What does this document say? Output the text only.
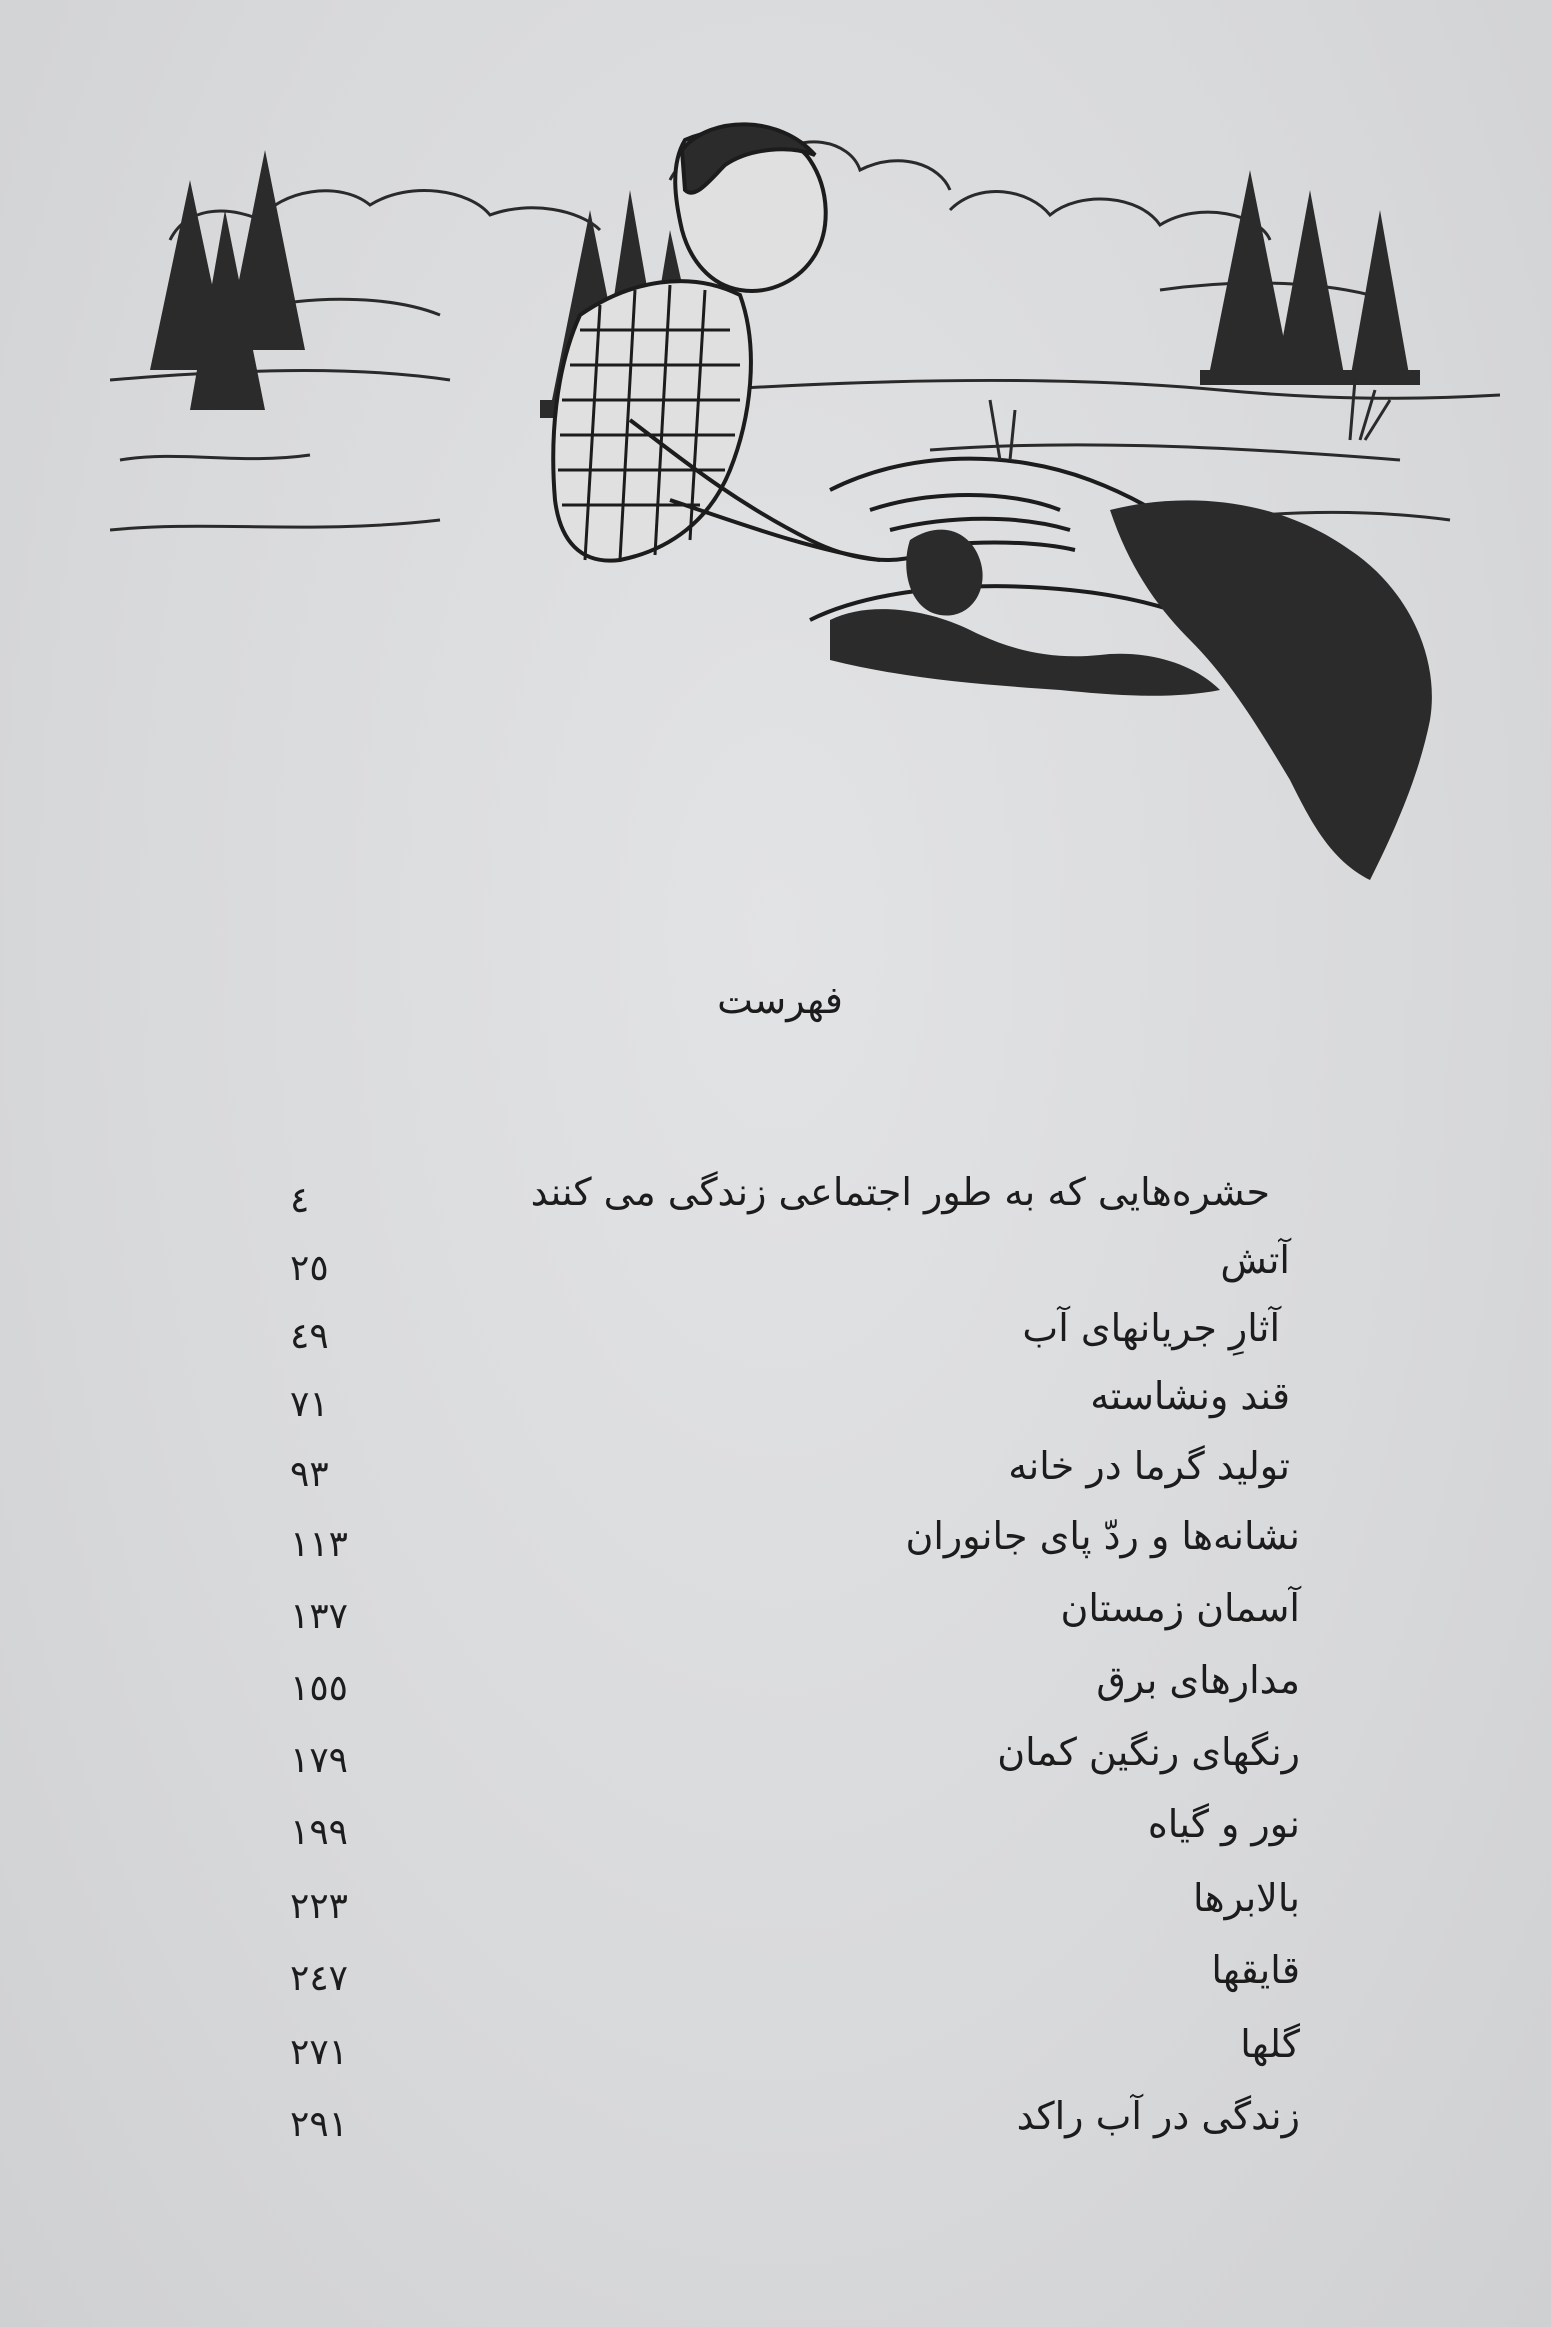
فهرست
٤	حشره‌هایی که به طور اجتماعی زندگی می کنند
٢٥	آتش
٤٩	آثارِ جریانهای آب
٧١	قند ونشاسته
٩٣	تولید گرما در خانه
١١٣	نشانه‌ها و ردّ پای جانوران
١٣٧	آسمان زمستان
١٥٥	مدارهای برق
١٧٩	رنگهای رنگین کمان
١٩٩	نور و گیاه
٢٢٣	بالابرها
٢٤٧	قایقها
٢٧١	گلها
٢٩١	زندگی در آب راکد
